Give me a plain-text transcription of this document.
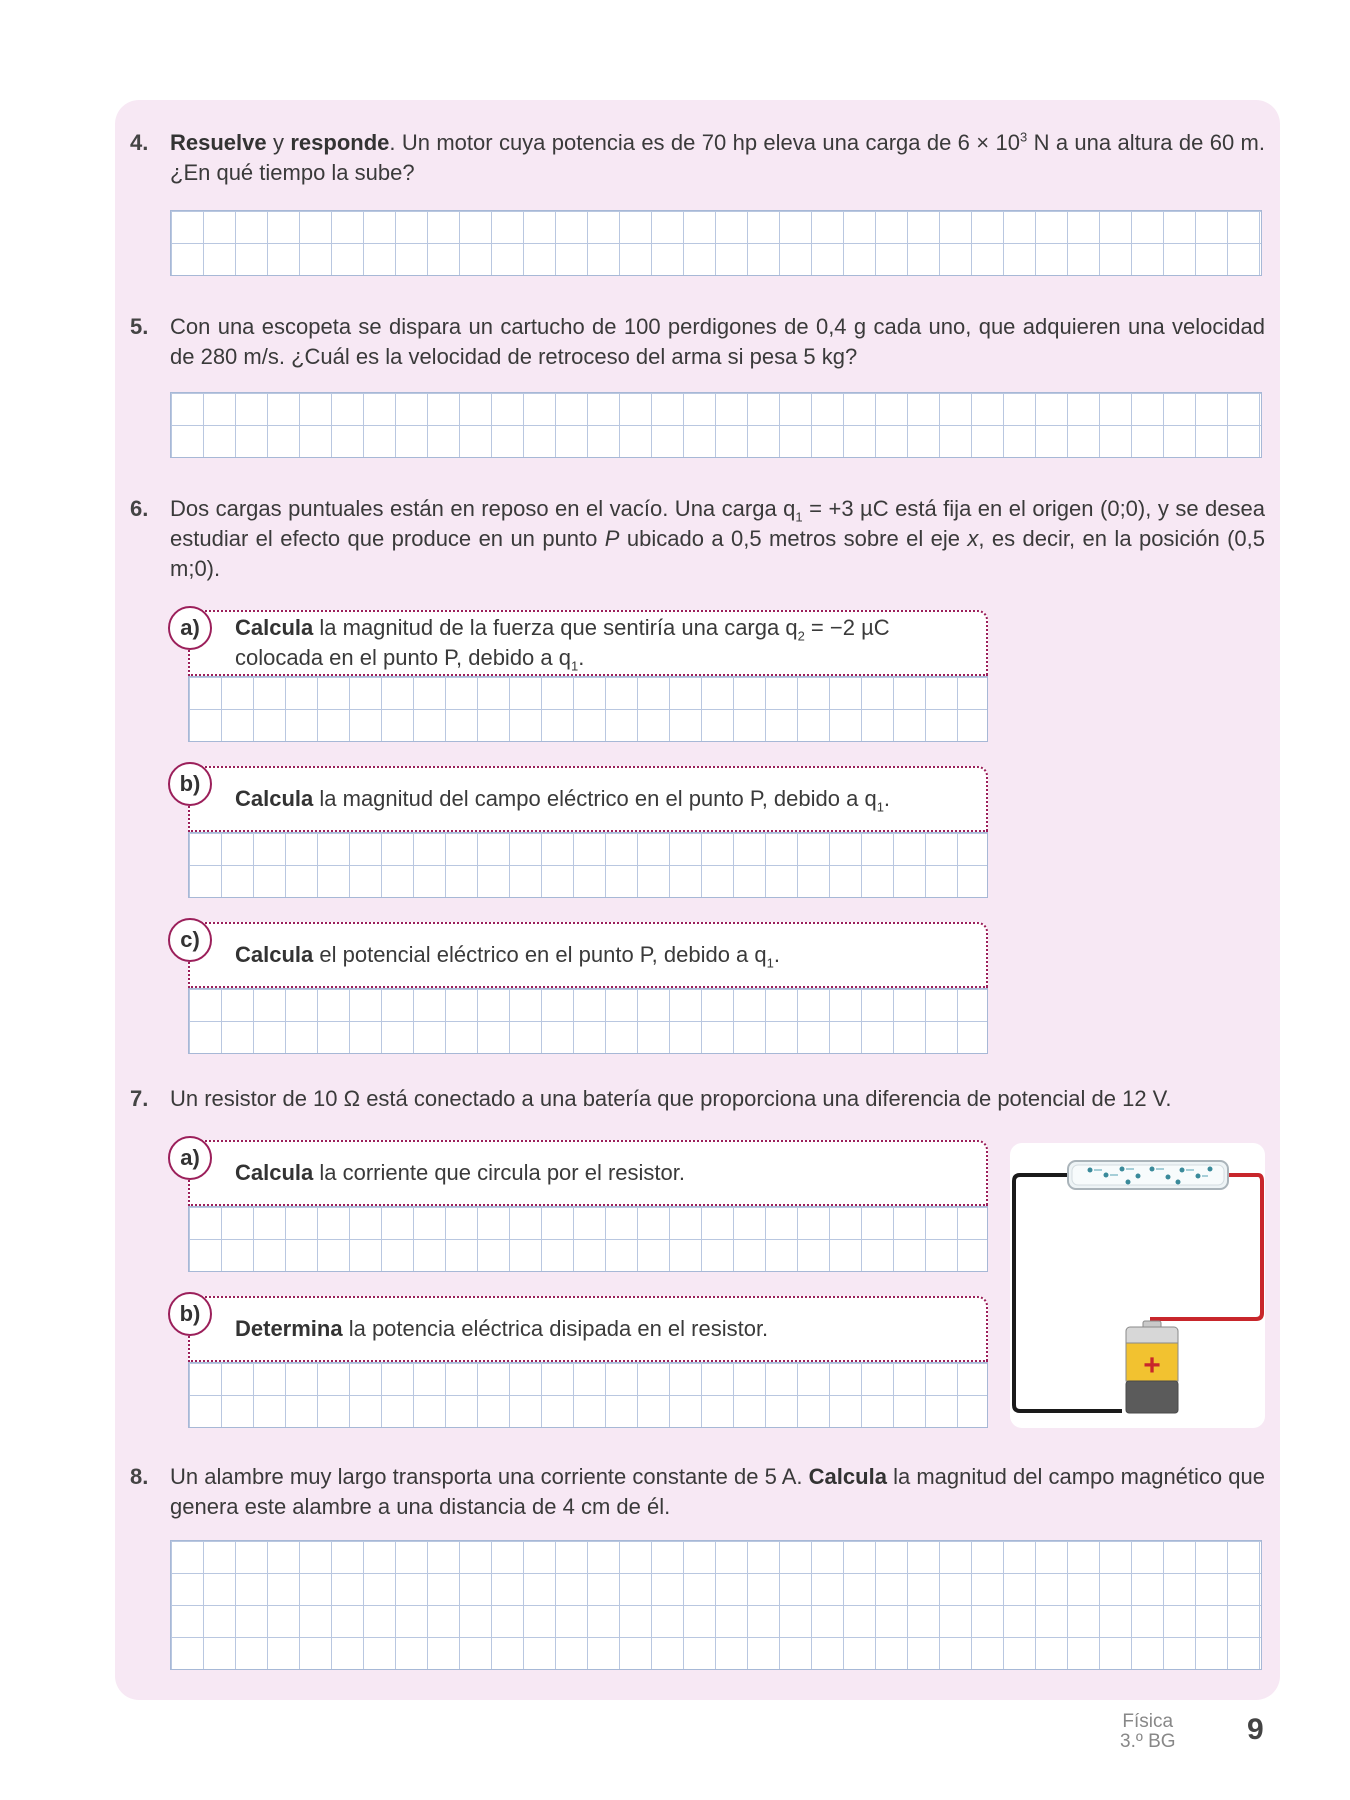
4. Resuelve y responde. Un motor cuya potencia es de 70 hp eleva una carga de $6 \times 10^3$ N a una altura de 60 m. ¿En qué tiempo la sube?
5. Con una escopeta se dispara un cartucho de 100 perdigones de 0,4 g cada uno, que adquieren una velocidad de 280 m/s. ¿Cuál es la velocidad de retroceso del arma si pesa 5 kg?
6. Dos cargas puntuales están en reposo en el vacío. Una carga $q_1 = +3$ µC está fija en el origen (0;0), y se desea estudiar el efecto que produce en un punto P ubicado a 0,5 metros sobre el eje x, es decir, en la posición (0,5 m;0).
Calcula la magnitud de la fuerza que sentiría una carga $q_2 = -2$ µC colocada en el punto P, debido a $q_1$.
a)
Calcula la magnitud del campo eléctrico en el punto P, debido a $q_1$.
b)
Calcula el potencial eléctrico en el punto P, debido a $q_1$.
c)
7. Un resistor de 10 Ω está conectado a una batería que proporciona una diferencia de potencial de 12 V.
Calcula la corriente que circula por el resistor.
a)
Determina la potencia eléctrica disipada en el resistor.
b)
+
8. Un alambre muy largo transporta una corriente constante de 5 A. Calcula la magnitud del campo magnético que genera este alambre a una distancia de 4 cm de él.
Física
3.º BG 9
